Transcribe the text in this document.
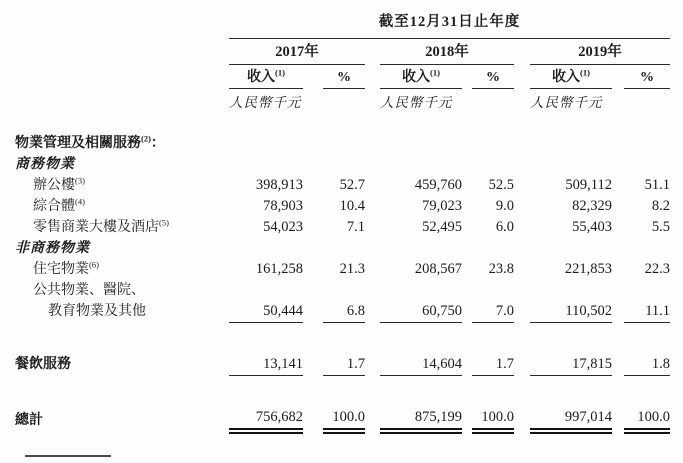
	截至12月31日止年度										
	2017年				2018年				2019年		
	收入$^{(1)}$		%		收入$^{(1)}$		%		收入$^{(1)}$		%
	人民幣千元				人民幣千元				人民幣千元		

物業管理及相關服務$^{(2)}$：											
商務物業											
辦公樓$^{(3)}$	398,913		52.7		459,760		52.5		509,112		51.1
綜合體$^{(4)}$	78,903		10.4		79,023		9.0		82,329		8.2
零售商業大樓及酒店$^{(5)}$	54,023		7.1		52,495		6.0		55,403		5.5
非商務物業											
住宅物業$^{(6)}$	161,258		21.3		208,567		23.8		221,853		22.3

公共物業、醫院、
教育物業及其他	50,444		6.8		60,750		7.0		110,502		11.1

餐飲服務	13,141		1.7		14,604		1.7		17,815		1.8

總計	756,682		100.0		875,199		100.0		997,014		100.0
